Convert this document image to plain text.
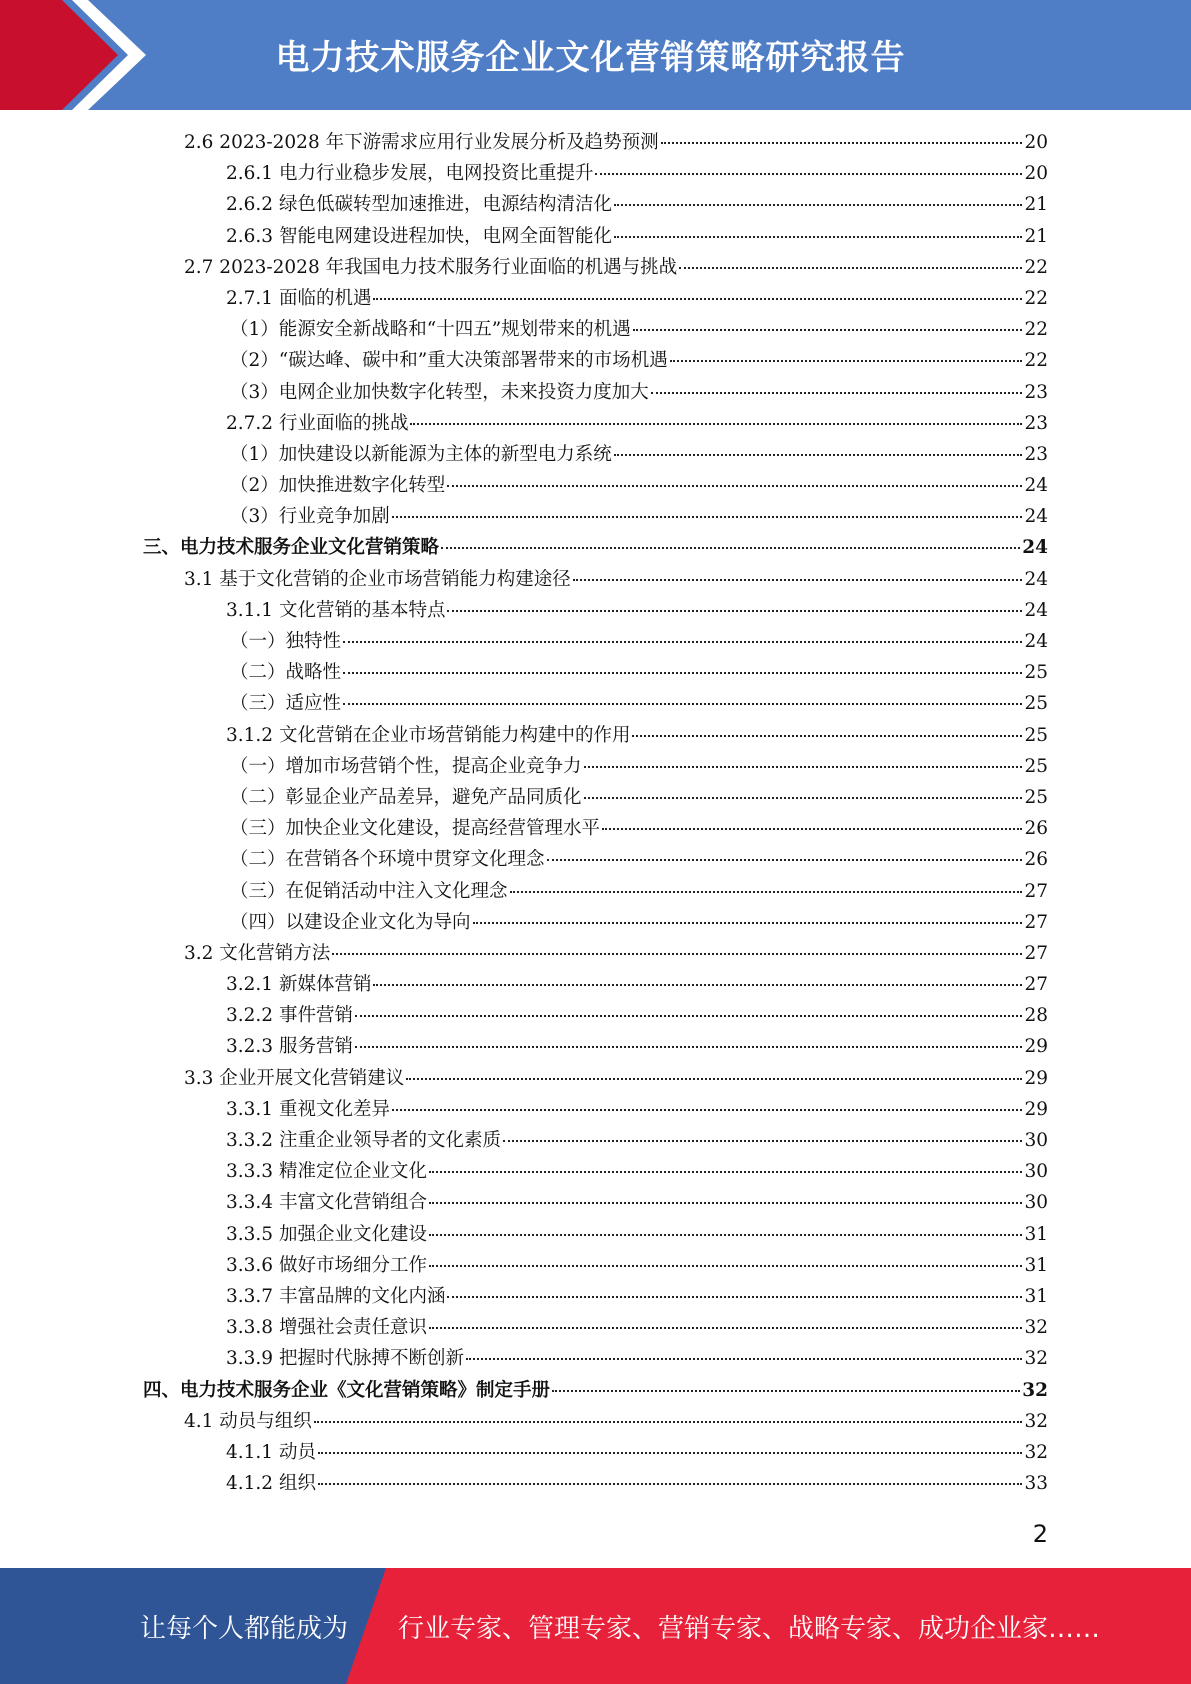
电力技术服务企业文化营销策略研究报告
2.6 2023-2028 年下游需求应用行业发展分析及趋势预测	20
2.6.1 电力行业稳步发展，电网投资比重提升	20
2.6.2 绿色低碳转型加速推进，电源结构清洁化	21
2.6.3 智能电网建设进程加快，电网全面智能化	21
2.7 2023-2028 年我国电力技术服务行业面临的机遇与挑战	22
2.7.1 面临的机遇	22
（1）能源安全新战略和“十四五”规划带来的机遇	22
（2）“碳达峰、碳中和”重大决策部署带来的市场机遇	22
（3）电网企业加快数字化转型，未来投资力度加大	23
2.7.2 行业面临的挑战	23
（1）加快建设以新能源为主体的新型电力系统	23
（2）加快推进数字化转型	24
（3）行业竞争加剧	24
三、电力技术服务企业文化营销策略	24
3.1 基于文化营销的企业市场营销能力构建途径	24
3.1.1 文化营销的基本特点	24
（一）独特性	24
（二）战略性	25
（三）适应性	25
3.1.2 文化营销在企业市场营销能力构建中的作用	25
（一）增加市场营销个性，提高企业竞争力	25
（二）彰显企业产品差异，避免产品同质化	25
（三）加快企业文化建设，提高经营管理水平	26
（二）在营销各个环境中贯穿文化理念	26
（三）在促销活动中注入文化理念	27
（四）以建设企业文化为导向	27
3.2 文化营销方法	27
3.2.1 新媒体营销	27
3.2.2 事件营销	28
3.2.3 服务营销	29
3.3 企业开展文化营销建议	29
3.3.1 重视文化差异	29
3.3.2 注重企业领导者的文化素质	30
3.3.3 精准定位企业文化	30
3.3.4 丰富文化营销组合	30
3.3.5 加强企业文化建设	31
3.3.6 做好市场细分工作	31
3.3.7 丰富品牌的文化内涵	31
3.3.8 增强社会责任意识	32
3.3.9 把握时代脉搏不断创新	32
四、电力技术服务企业《文化营销策略》制定手册	32
4.1 动员与组织	32
4.1.1 动员	32
4.1.2 组织	33
2
让每个人都能成为 行业专家、管理专家、营销专家、战略专家、成功企业家……
